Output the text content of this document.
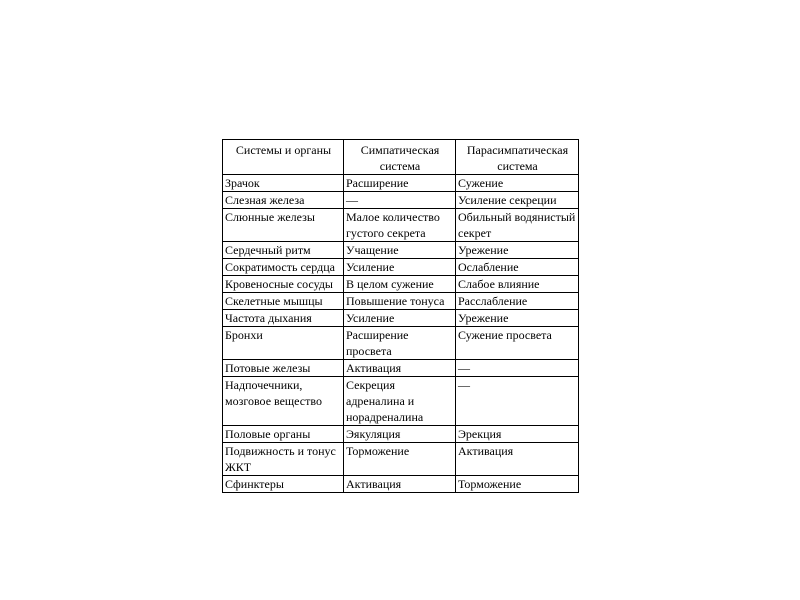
Системы и органы	Симпатическая система	Парасимпатическая система
Зрачок	Расширение	Сужение
Слезная железа	—	Усиление секреции
Слюнные железы	Малое количество густого секрета	Обильный водянистый секрет
Сердечный ритм	Учащение	Урежение
Сократимость сердца	Усиление	Ослабление
Кровеносные сосуды	В целом сужение	Слабое влияние
Скелетные мышцы	Повышение тонуса	Расслабление
Частота дыхания	Усиление	Урежение
Бронхи	Расширение просвета	Сужение просвета
Потовые железы	Активация	—
Надпочечники, мозговое вещество	Секреция адреналина и норадреналина	—
Половые органы	Эякуляция	Эрекция
Подвижность и тонус ЖКТ	Торможение	Активация
Сфинктеры	Активация	Торможение
